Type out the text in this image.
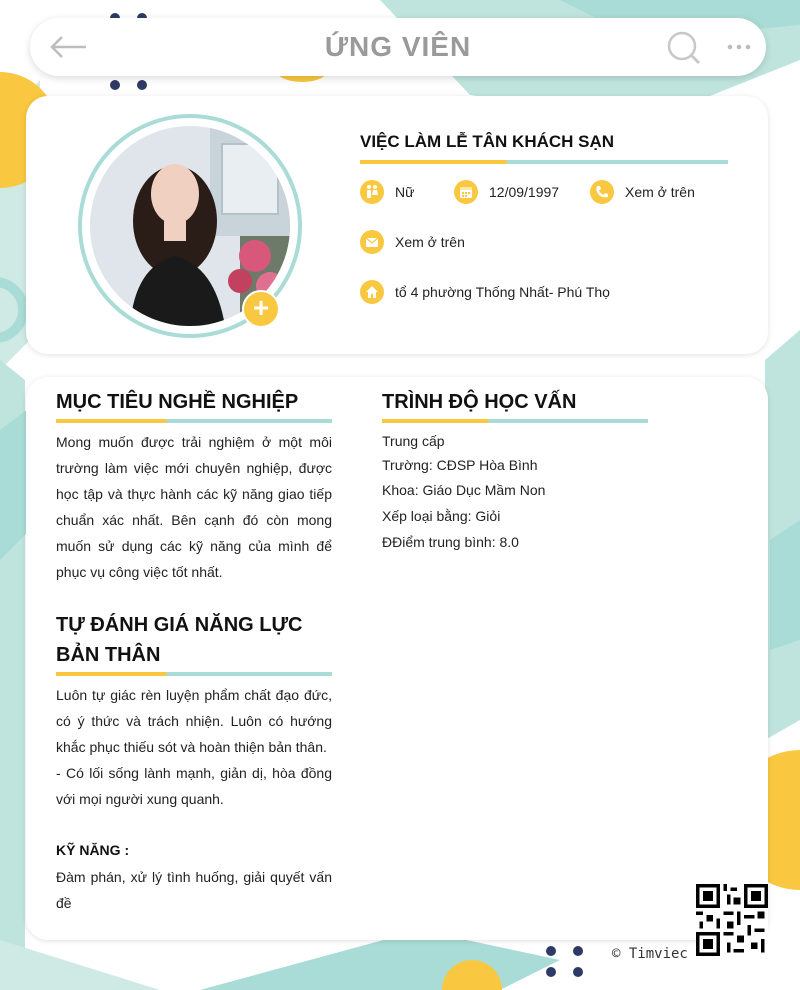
ỨNG VIÊN
+
VIỆC LÀM LỄ TÂN KHÁCH SẠN
Nữ	12/09/1997	Xem ở trên
Xem ở trên
tổ 4 phường Thống Nhất- Phú Thọ
MỤC TIÊU NGHỀ NGHIỆP
Mong muốn được trải nghiệm ở một môi trường làm việc mới chuyên nghiệp, được học tập và thực hành các kỹ năng giao tiếp chuẩn xác nhất. Bên cạnh đó còn mong muốn sử dụng các kỹ năng của mình để phục vụ công việc tốt nhất.
TỰ ĐÁNH GIÁ NĂNG LỰC
BẢN THÂN
Luôn tự giác rèn luyện phẩm chất đạo đức, có ý thức và trách nhiện. Luôn có hướng khắc phục thiếu sót và hoàn thiện bản thân.
- Có lối sống lành mạnh, giản dị, hòa đồng với mọi người xung quanh.
KỸ NĂNG :
Đàm phán, xử lý tình huống, giải quyết vấn đề
TRÌNH ĐỘ HỌC VẤN
Trung cấp
Trường: CĐSP Hòa Bình
Khoa: Giáo Dục Mầm Non
Xếp loại bằng: Giỏi
ĐĐiểm trung bình: 8.0
© Timviec
